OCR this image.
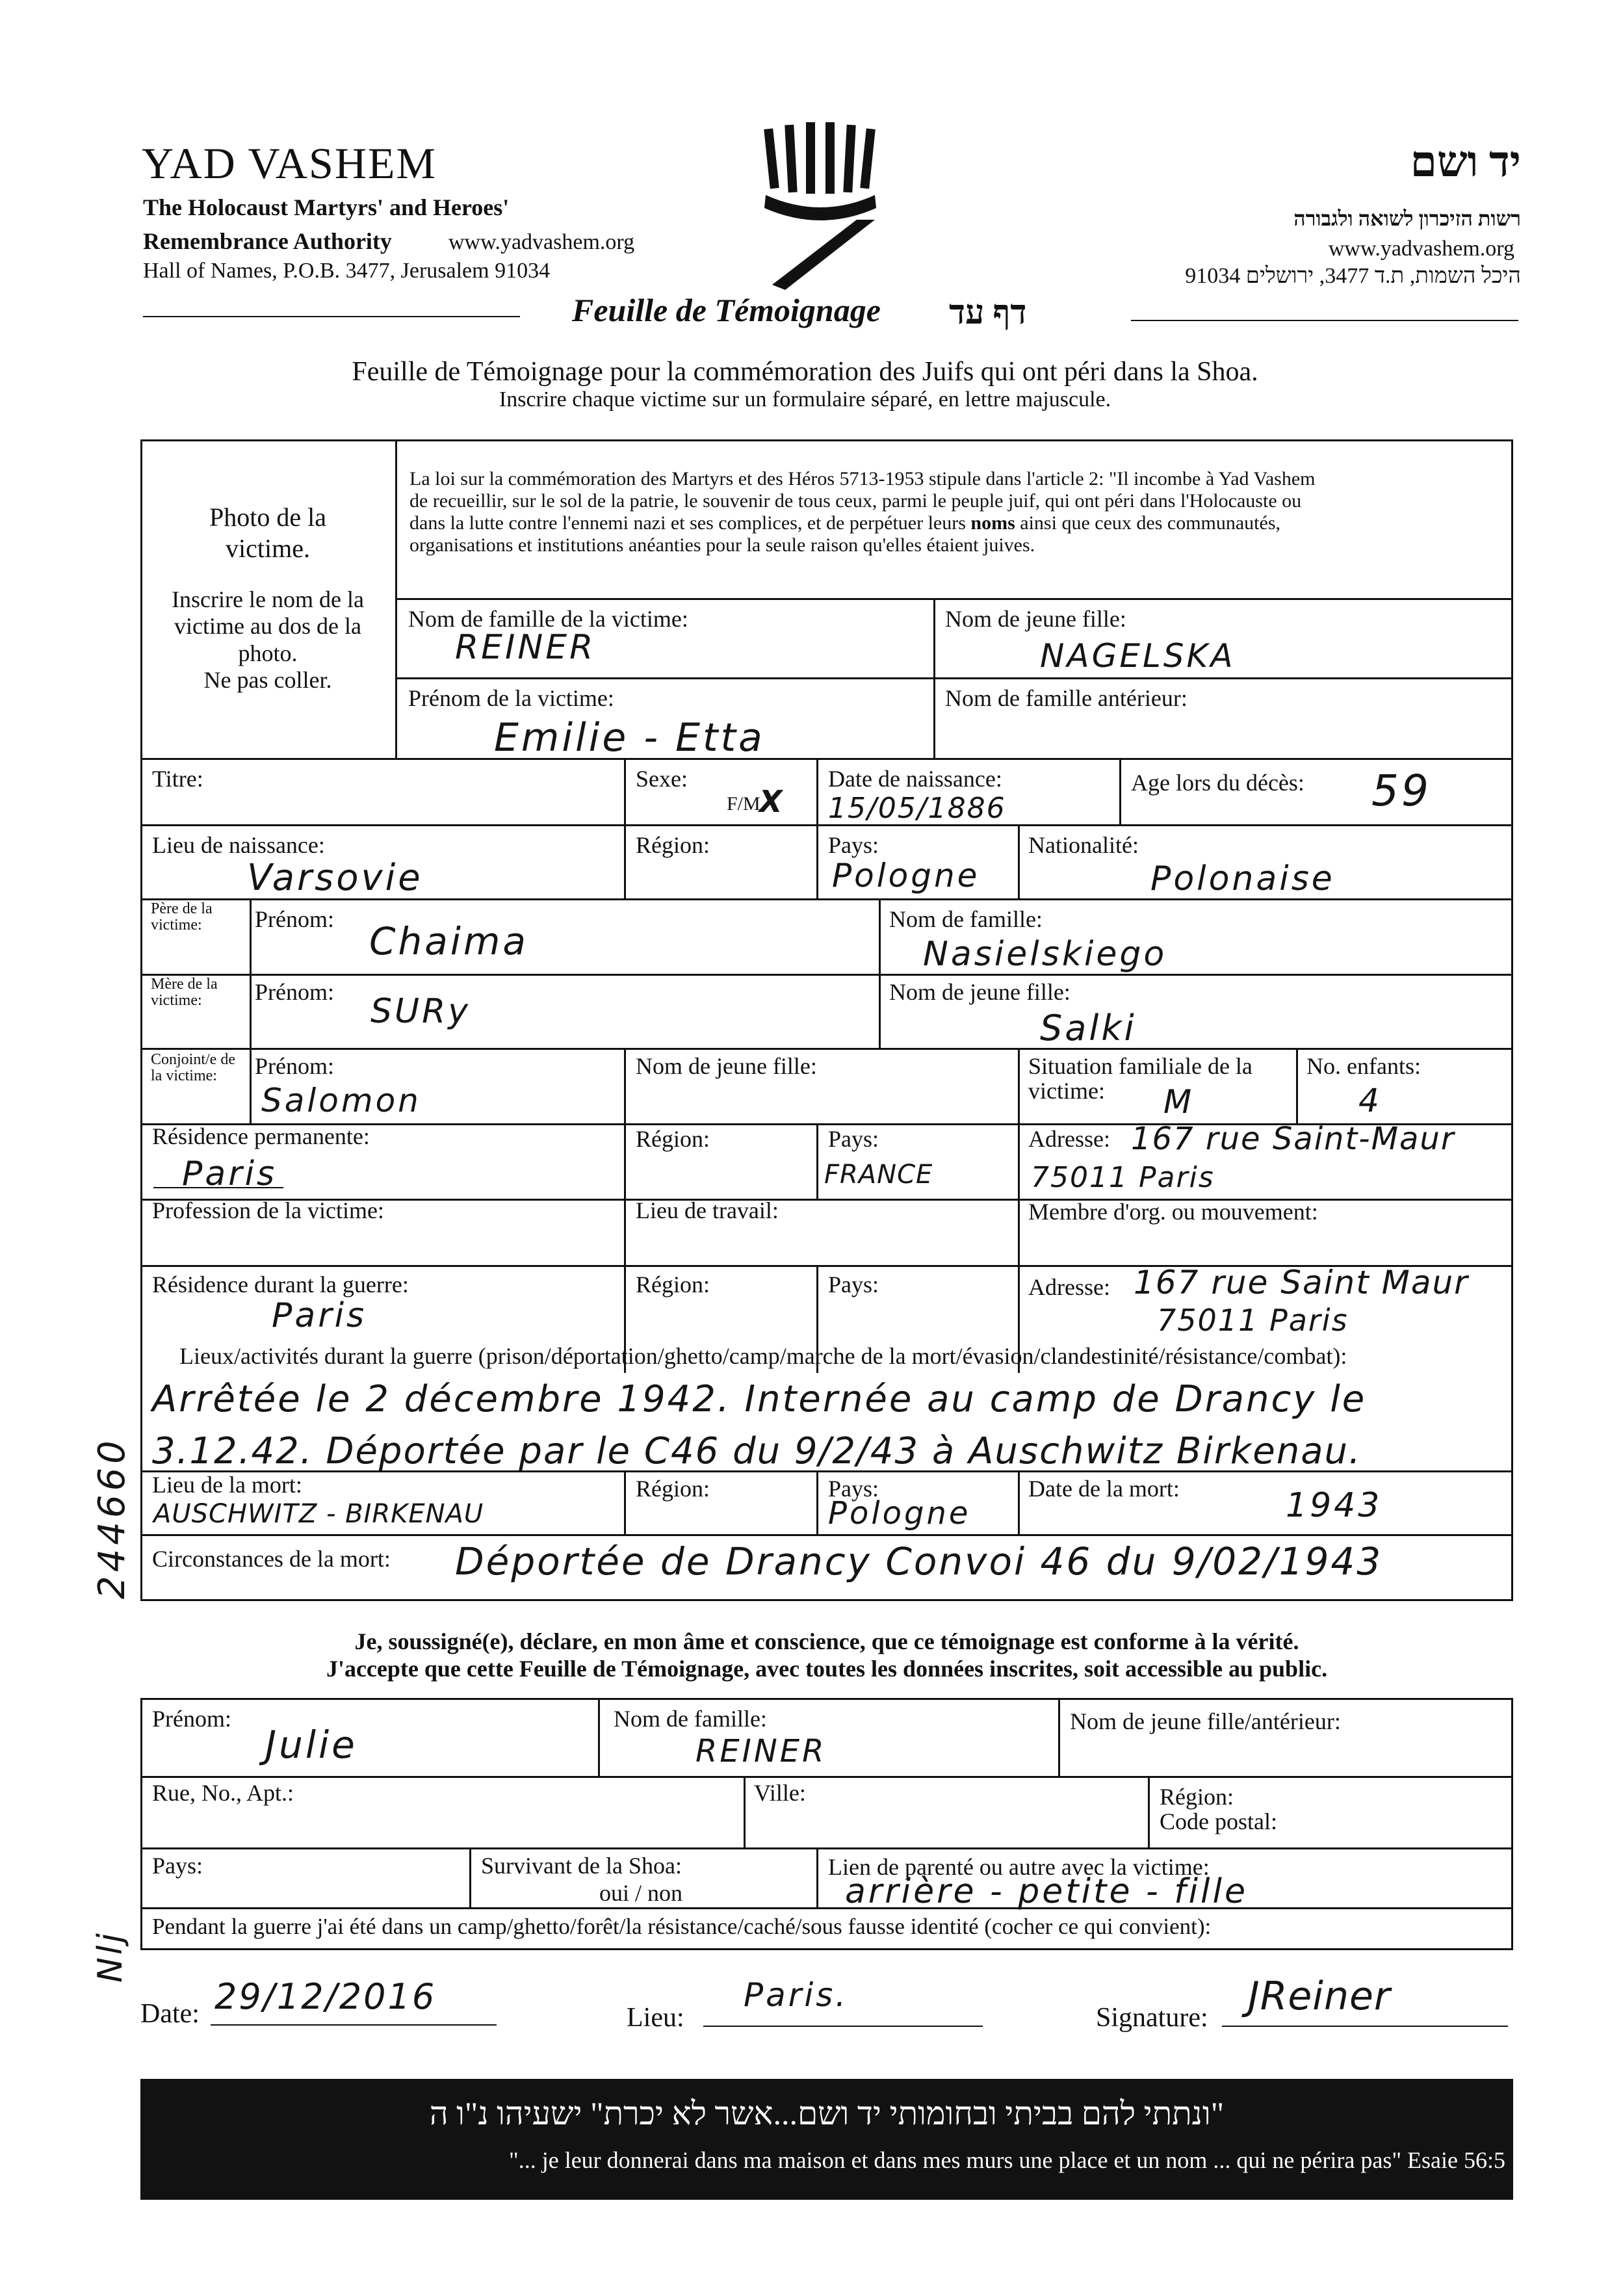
YAD VASHEM
The Holocaust Martyrs' and Heroes'
Remembrance Authority	www.yadvashem.org
Hall of Names, P.O.B. 3477, Jerusalem 91034
יד ושם
רשות הזיכרון לשואה ולגבורה
www.yadvashem.org
היכל השמות, ת.ד 3477, ירושלים 91034
Feuille de Témoignage דף עד
Feuille de Témoignage pour la commémoration des Juifs qui ont péri dans la Shoa.
Inscrire chaque victime sur un formulaire séparé, en lettre majuscule.
Photo de la
victime.
Inscrire le nom de la
victime au dos de la
photo.
Ne pas coller.
La loi sur la commémoration des Martyrs et des Héros 5713-1953 stipule dans l'article 2: "Il incombe à Yad Vashem
de recueillir, sur le sol de la patrie, le souvenir de tous ceux, parmi le peuple juif, qui ont péri dans l'Holocauste ou
dans la lutte contre l'ennemi nazi et ses complices, et de perpétuer leurs noms ainsi que ceux des communautés,
organisations et institutions anéanties pour la seule raison qu'elles étaient juives.
Nom de famille de la victime:
REINER
Nom de jeune fille:
NAGELSKA
Prénom de la victime:
Emilie - Etta
Nom de famille antérieur:
Titre:	Sexe:
F/M
X
Date de naissance:
15/05/1886
Age lors du décès: 59
Lieu de naissance:
Varsovie
Région:	Pays:
Pologne
Nationalité:
Polonaise
Père de la victime:	Prénom: Chaima	Nom de famille:
Nasielskiego
Mère de la victime:	Prénom: SURy	Nom de jeune fille:
Salki
Conjoint/e de la victime:	Prénom:
Salomon
Nom de jeune fille:	Situation familiale de la
victime:	M
No. enfants:
4
Résidence permanente:
Paris
Région:	Pays:
FRANCE
Adresse: 167 rue Saint-Maur
75011 Paris
Profession de la victime:	Lieu de travail:	Membre d'org. ou mouvement:
Résidence durant la guerre:
Paris
Région:	Pays:	Adresse: 167 rue Saint Maur
75011 Paris
Lieux/activités durant la guerre (prison/déportation/ghetto/camp/marche de la mort/évasion/clandestinité/résistance/combat):
Arrêtée le 2 décembre 1942. Internée au camp de Drancy le
3.12.42. Déportée par le C46 du 9/2/43 à Auschwitz Birkenau.
Lieu de la mort:
AUSCHWITZ - BIRKENAU
Région:	Pays:
Pologne
Date de la mort:	1943
Circonstances de la mort: Déportée de Drancy Convoi 46 du 9/02/1943
Je, soussigné(e), déclare, en mon âme et conscience, que ce témoignage est conforme à la vérité.
J'accepte que cette Feuille de Témoignage, avec toutes les données inscrites, soit accessible au public.
Prénom:
Julie
Nom de famille:
REINER
Nom de jeune fille/antérieur:
Rue, No., Apt.:	Ville:	Région:
Code postal:
Pays:	Survivant de la Shoa:
oui / non
Lien de parenté ou autre avec la victime:
arrière - petite - fille
Pendant la guerre j'ai été dans un camp/ghetto/forêt/la résistance/caché/sous fausse identité (cocher ce qui convient):
Date: 29/12/2016
Lieu:
Paris.
Signature: JReiner
244660
Nlj
"ונתתי להם בביתי ובחומותי יד ושם...אשר לא יכרת" ישעיהו נ"ו ה
"... je leur donnerai dans ma maison et dans mes murs une place et un nom ... qui ne périra pas" Esaie 56:5
